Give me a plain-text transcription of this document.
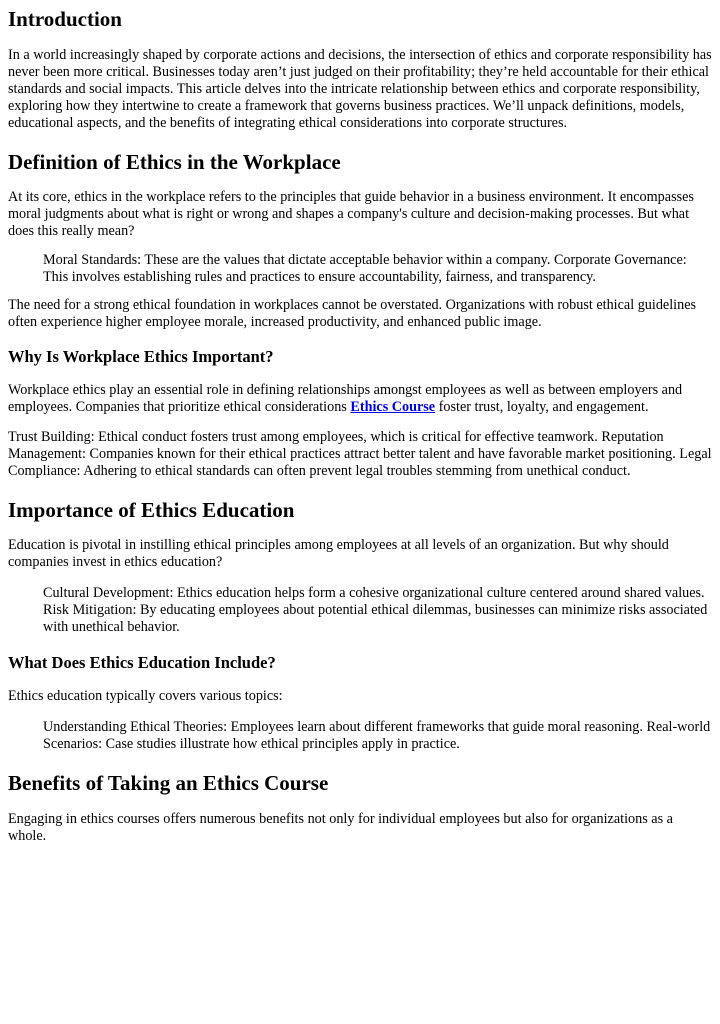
Introduction

In a world increasingly shaped by corporate actions and decisions, the intersection of ethics and corporate responsibility has never been more critical. Businesses today aren’t just judged on their profitability; they’re held accountable for their ethical standards and social impacts. This article delves into the intricate relationship between ethics and corporate responsibility, exploring how they intertwine to create a framework that governs business practices. We’ll unpack definitions, models, educational aspects, and the benefits of integrating ethical considerations into corporate structures.

Definition of Ethics in the Workplace

At its core, ethics in the workplace refers to the principles that guide behavior in a business environment. It encompasses moral judgments about what is right or wrong and shapes a company's culture and decision-making processes. But what does this really mean?

Moral Standards: These are the values that dictate acceptable behavior within a company. Corporate Governance: This involves establishing rules and practices to ensure accountability, fairness, and transparency.

The need for a strong ethical foundation in workplaces cannot be overstated. Organizations with robust ethical guidelines often experience higher employee morale, increased productivity, and enhanced public image.

Why Is Workplace Ethics Important?

Workplace ethics play an essential role in defining relationships amongst employees as well as between employers and employees. Companies that prioritize ethical considerations Ethics Course foster trust, loyalty, and engagement.

Trust Building: Ethical conduct fosters trust among employees, which is critical for effective teamwork. Reputation Management: Companies known for their ethical practices attract better talent and have favorable market positioning. Legal Compliance: Adhering to ethical standards can often prevent legal troubles stemming from unethical conduct.

Importance of Ethics Education

Education is pivotal in instilling ethical principles among employees at all levels of an organization. But why should companies invest in ethics education?

Cultural Development: Ethics education helps form a cohesive organizational culture centered around shared values. Risk Mitigation: By educating employees about potential ethical dilemmas, businesses can minimize risks associated with unethical behavior.

What Does Ethics Education Include?

Ethics education typically covers various topics:

Understanding Ethical Theories: Employees learn about different frameworks that guide moral reasoning. Real-world Scenarios: Case studies illustrate how ethical principles apply in practice.

Benefits of Taking an Ethics Course

Engaging in ethics courses offers numerous benefits not only for individual employees but also for organizations as a whole.
